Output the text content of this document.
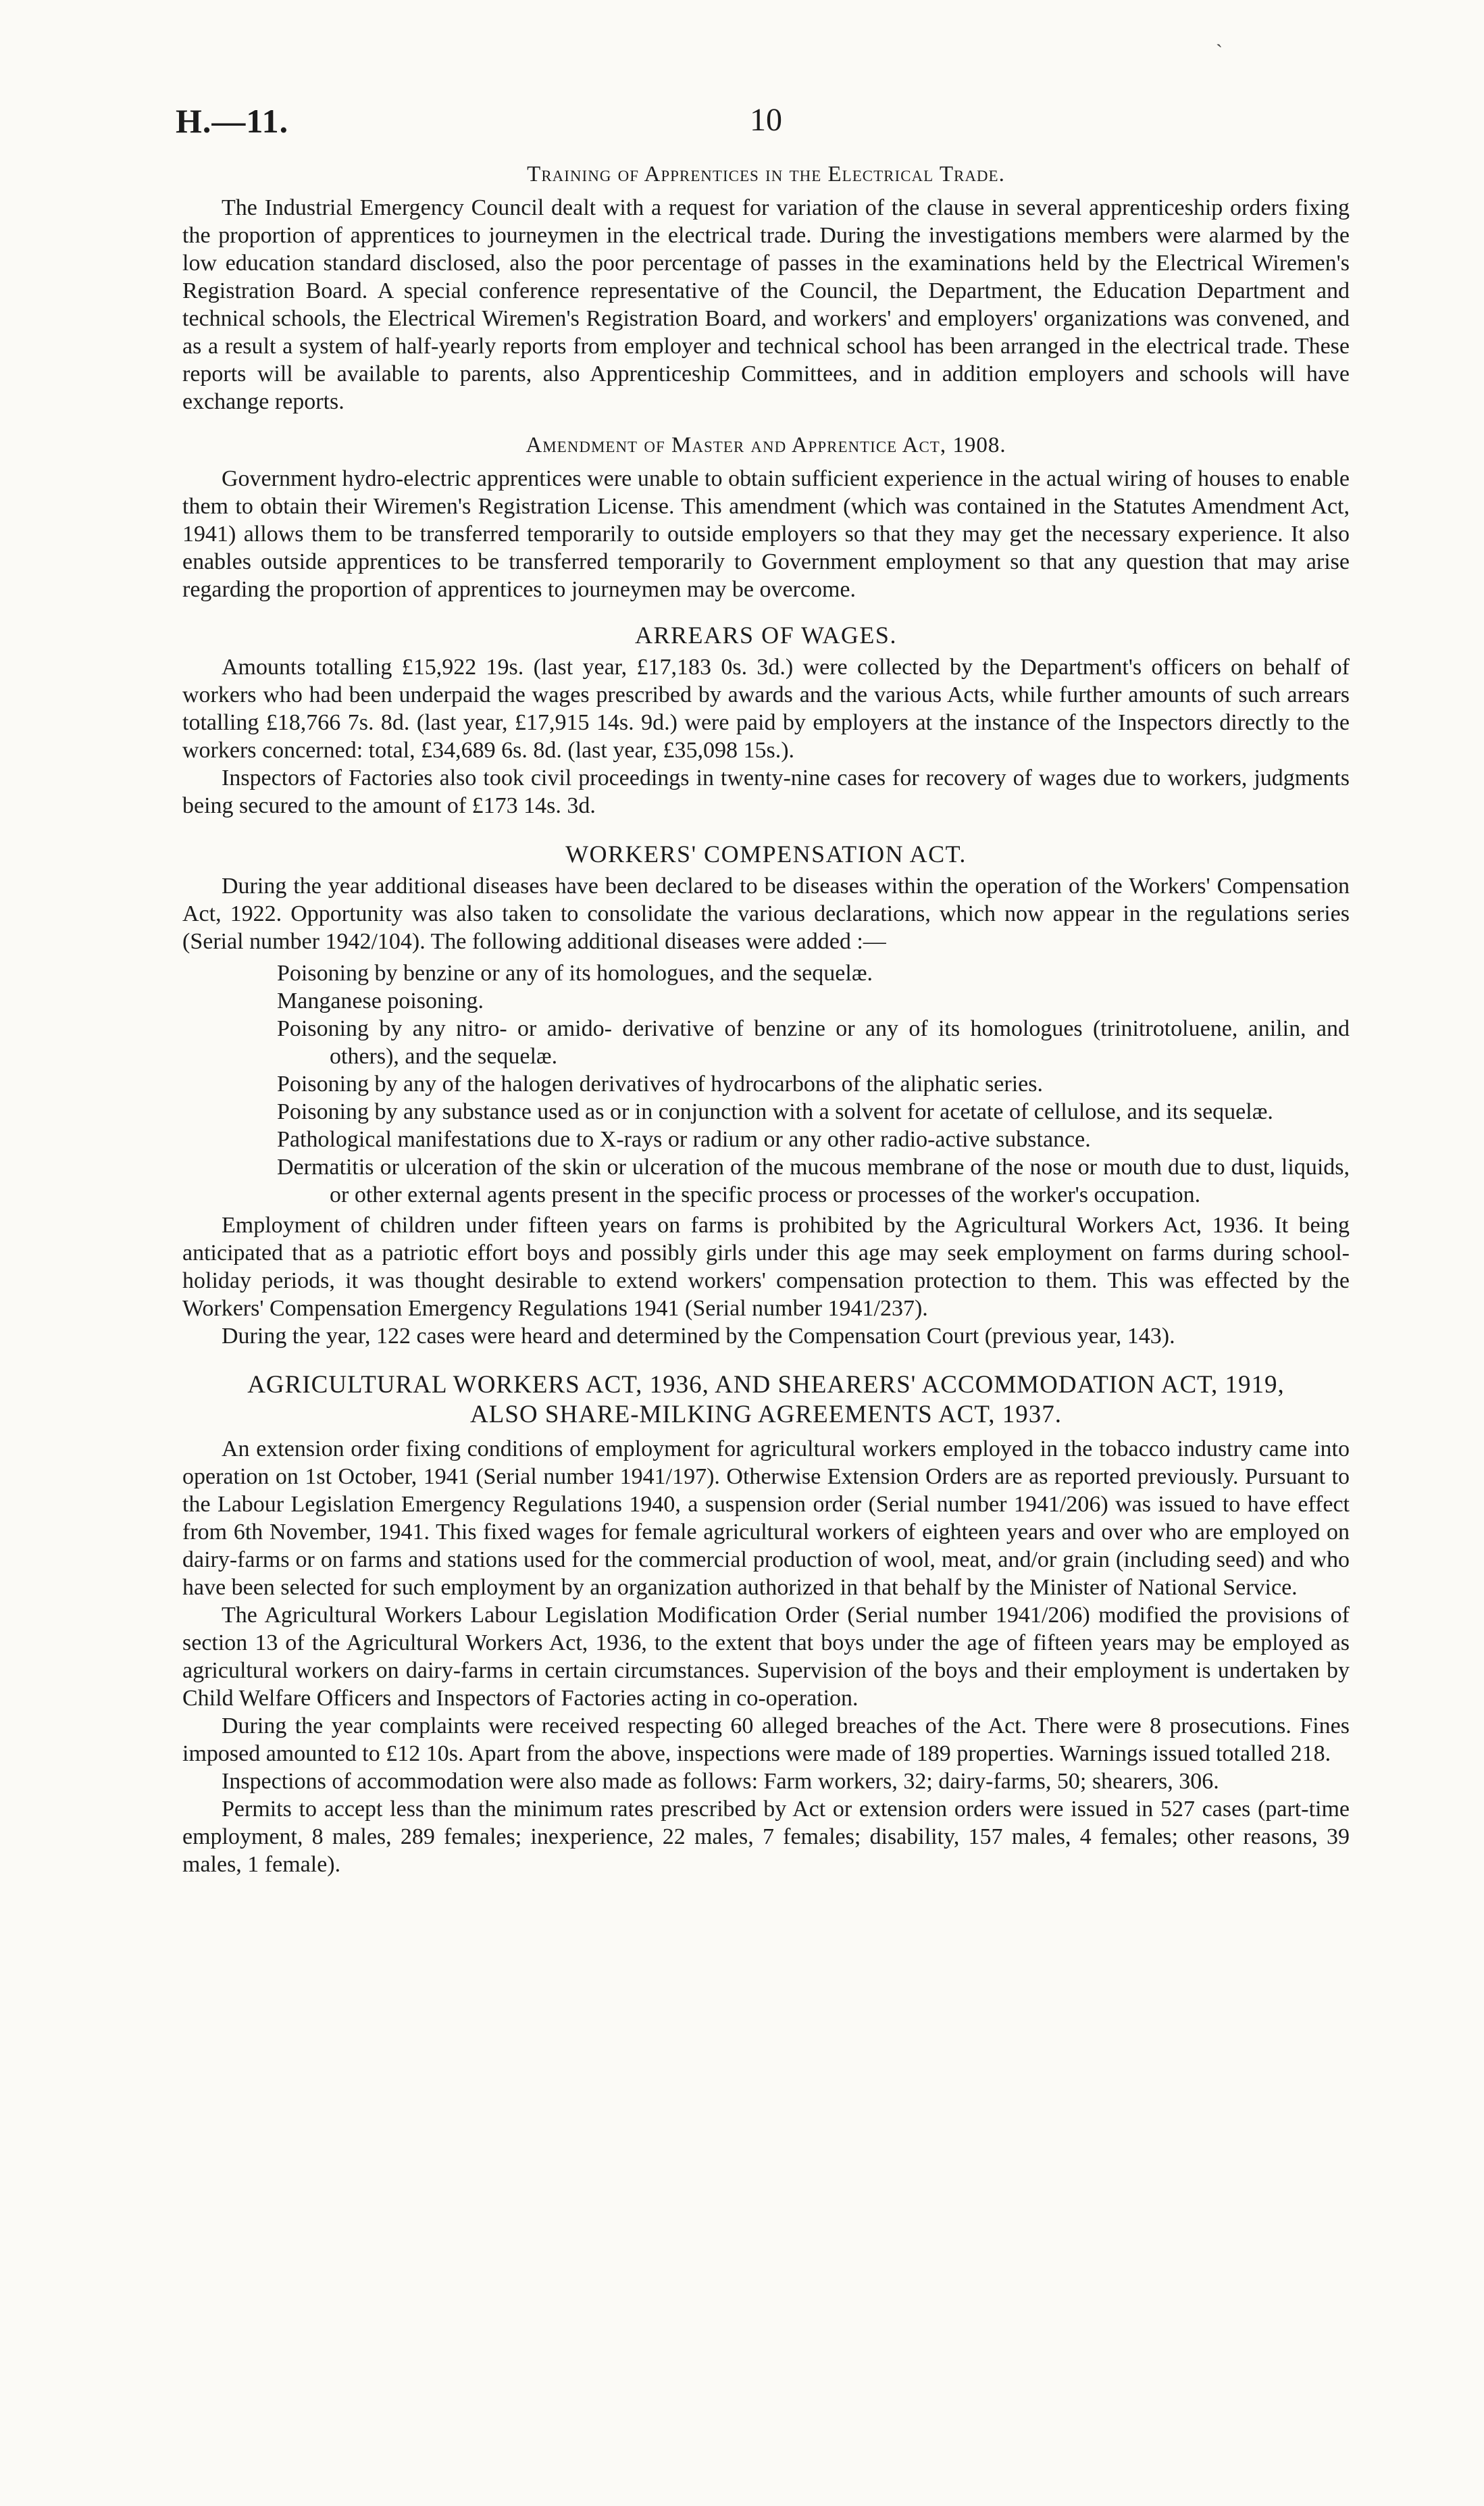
ˋ
H.—11.	10
Training of Apprentices in the Electrical Trade.

The Industrial Emergency Council dealt with a request for variation of the clause in several apprenticeship orders fixing the proportion of apprentices to journeymen in the electrical trade. During the investigations members were alarmed by the low education standard disclosed, also the poor percentage of passes in the examinations held by the Electrical Wiremen's Registration Board. A special conference representative of the Council, the Department, the Education Department and technical schools, the Electrical Wiremen's Registration Board, and workers' and employers' organizations was convened, and as a result a system of half-yearly reports from employer and technical school has been arranged in the electrical trade. These reports will be available to parents, also Apprenticeship Committees, and in addition employers and schools will have exchange reports.

Amendment of Master and Apprentice Act, 1908.

Government hydro-electric apprentices were unable to obtain sufficient experience in the actual wiring of houses to enable them to obtain their Wiremen's Registration License. This amendment (which was contained in the Statutes Amendment Act, 1941) allows them to be transferred temporarily to outside employers so that they may get the necessary experience. It also enables outside apprentices to be transferred temporarily to Government employment so that any question that may arise regarding the proportion of apprentices to journeymen may be overcome.

ARREARS OF WAGES.

Amounts totalling £15,922 19s. (last year, £17,183 0s. 3d.) were collected by the Department's officers on behalf of workers who had been underpaid the wages prescribed by awards and the various Acts, while further amounts of such arrears totalling £18,766 7s. 8d. (last year, £17,915 14s. 9d.) were paid by employers at the instance of the Inspectors directly to the workers concerned: total, £34,689 6s. 8d. (last year, £35,098 15s.).

Inspectors of Factories also took civil proceedings in twenty-nine cases for recovery of wages due to workers, judgments being secured to the amount of £173 14s. 3d.

WORKERS' COMPENSATION ACT.

During the year additional diseases have been declared to be diseases within the operation of the Workers' Compensation Act, 1922. Opportunity was also taken to consolidate the various declarations, which now appear in the regulations series (Serial number 1942/104). The following additional diseases were added :—

Poisoning by benzine or any of its homologues, and the sequelæ.
Manganese poisoning.
Poisoning by any nitro- or amido- derivative of benzine or any of its homologues (trinitrotoluene, anilin, and others), and the sequelæ.
Poisoning by any of the halogen derivatives of hydrocarbons of the aliphatic series.
Poisoning by any substance used as or in conjunction with a solvent for acetate of cellulose, and its sequelæ.
Pathological manifestations due to X-rays or radium or any other radio-active substance.
Dermatitis or ulceration of the skin or ulceration of the mucous membrane of the nose or mouth due to dust, liquids, or other external agents present in the specific process or processes of the worker's occupation.

Employment of children under fifteen years on farms is prohibited by the Agricultural Workers Act, 1936. It being anticipated that as a patriotic effort boys and possibly girls under this age may seek employment on farms during school-holiday periods, it was thought desirable to extend workers' compensation protection to them. This was effected by the Workers' Compensation Emergency Regulations 1941 (Serial number 1941/237).

During the year, 122 cases were heard and determined by the Compensation Court (previous year, 143).

AGRICULTURAL WORKERS ACT, 1936, AND SHEARERS' ACCOMMODATION ACT, 1919,
ALSO SHARE-MILKING AGREEMENTS ACT, 1937.

An extension order fixing conditions of employment for agricultural workers employed in the tobacco industry came into operation on 1st October, 1941 (Serial number 1941/197). Otherwise Extension Orders are as reported previously. Pursuant to the Labour Legislation Emergency Regulations 1940, a suspension order (Serial number 1941/206) was issued to have effect from 6th November, 1941. This fixed wages for female agricultural workers of eighteen years and over who are employed on dairy-farms or on farms and stations used for the commercial production of wool, meat, and/or grain (including seed) and who have been selected for such employment by an organization authorized in that behalf by the Minister of National Service.

The Agricultural Workers Labour Legislation Modification Order (Serial number 1941/206) modified the provisions of section 13 of the Agricultural Workers Act, 1936, to the extent that boys under the age of fifteen years may be employed as agricultural workers on dairy-farms in certain circumstances. Supervision of the boys and their employment is undertaken by Child Welfare Officers and Inspectors of Factories acting in co-operation.

During the year complaints were received respecting 60 alleged breaches of the Act. There were 8 prosecutions. Fines imposed amounted to £12 10s. Apart from the above, inspections were made of 189 properties. Warnings issued totalled 218.

Inspections of accommodation were also made as follows: Farm workers, 32; dairy-farms, 50; shearers, 306.

Permits to accept less than the minimum rates prescribed by Act or extension orders were issued in 527 cases (part-time employment, 8 males, 289 females; inexperience, 22 males, 7 females; disability, 157 males, 4 females; other reasons, 39 males, 1 female).
